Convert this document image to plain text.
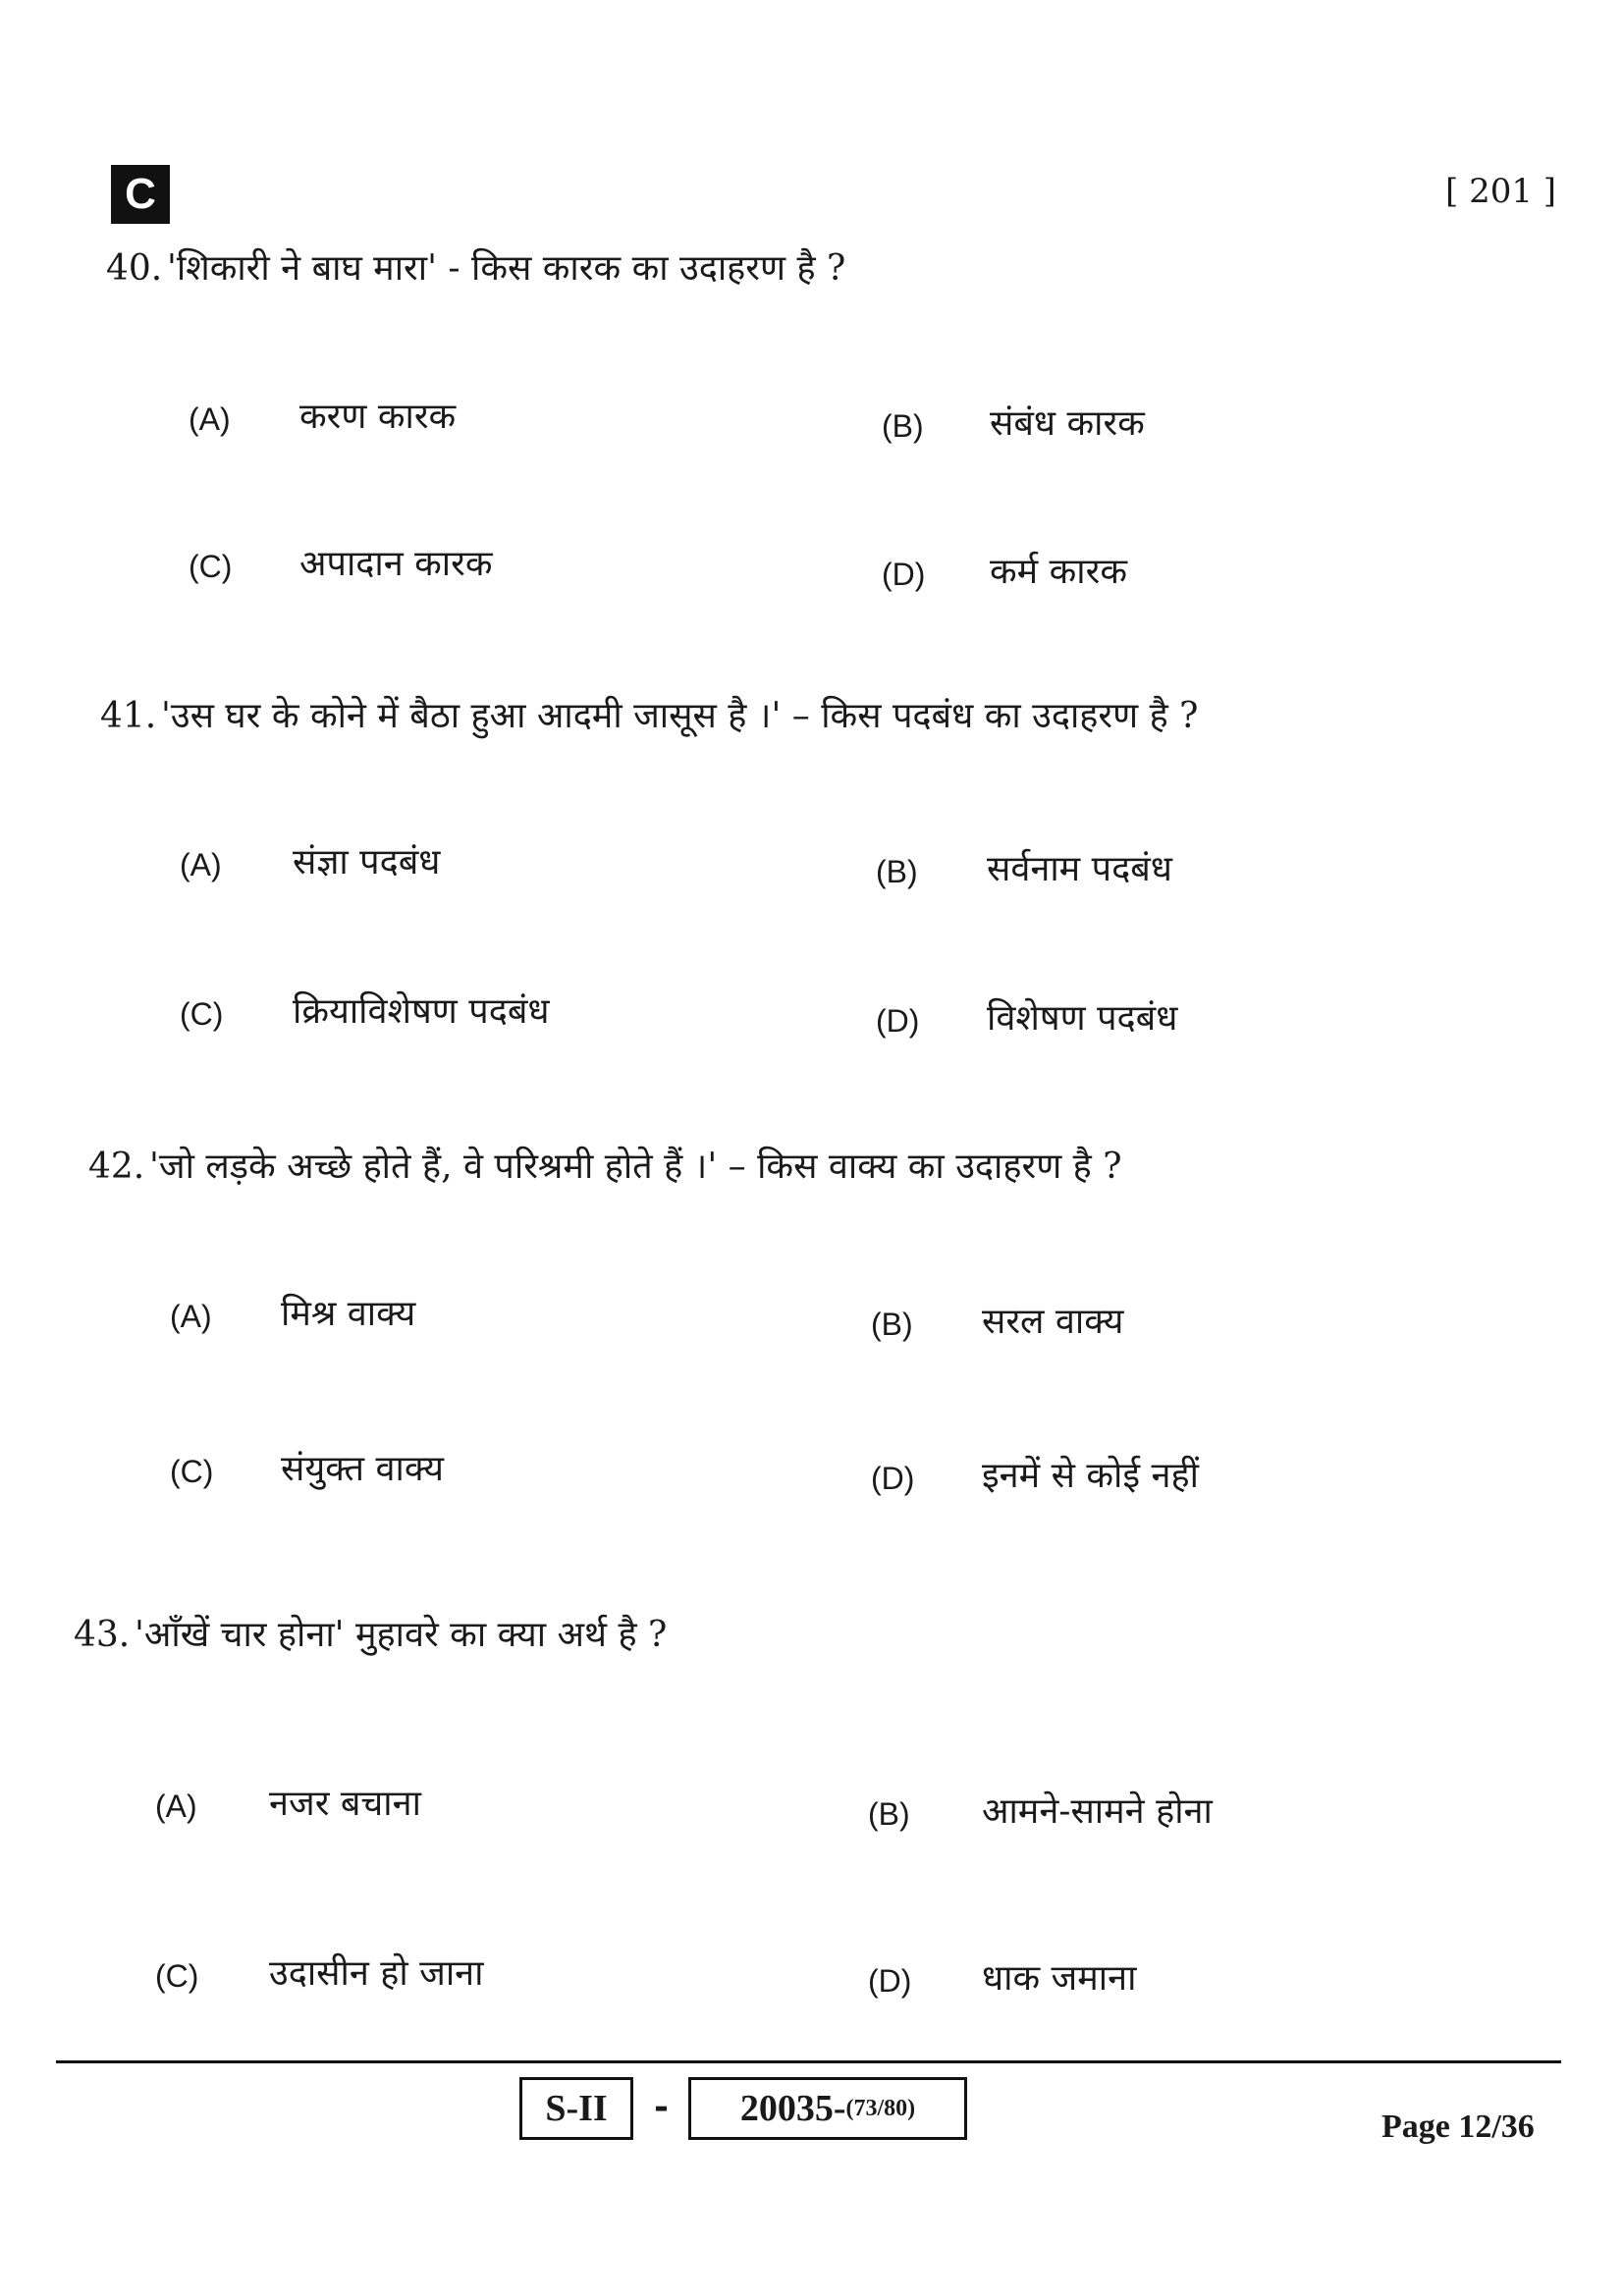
C	[ 201 ]
40. 'शिकारी ने बाघ मारा' - किस कारक का उदाहरण है ?
(A) करण कारक	(B) संबंध कारक
(C) अपादान कारक	(D) कर्म कारक
41. 'उस घर के कोने में बैठा हुआ आदमी जासूस है ।' – किस पदबंध का उदाहरण है ?
(A) संज्ञा पदबंध	(B) सर्वनाम पदबंध
(C) क्रियाविशेषण पदबंध	(D) विशेषण पदबंध
42. 'जो लड़के अच्छे होते हैं, वे परिश्रमी होते हैं ।' – किस वाक्य का उदाहरण है ?
(A) मिश्र वाक्य	(B) सरल वाक्य
(C) संयुक्त वाक्य	(D) इनमें से कोई नहीं
43. 'आँखें चार होना' मुहावरे का क्या अर्थ है ?
(A) नजर बचाना	(B) आमने-सामने होना
(C) उदासीन हो जाना	(D) धाक जमाना
S-II - 20035- (73/80)
Page 12/36
